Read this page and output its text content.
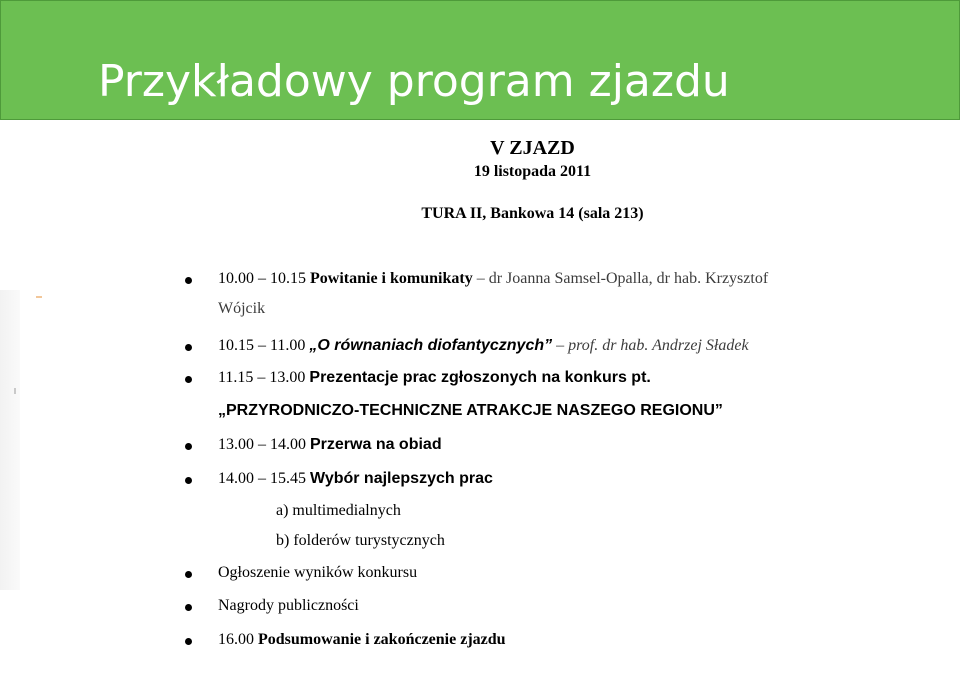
Przykładowy program zjazdu
V ZJAZD
19 listopada 2011
TURA II, Bankowa 14 (sala 213)
10.00 – 10.15 Powitanie i komunikaty – dr Joanna Samsel-Opalla, dr hab. Krzysztof
Wójcik
10.15 – 11.00 „O równaniach diofantycznych” – prof. dr hab. Andrzej Sładek
11.15 – 13.00 Prezentacje prac zgłoszonych na konkurs pt.
„PRZYRODNICZO-TECHNICZNE ATRAKCJE NASZEGO REGIONU”
13.00 – 14.00 Przerwa na obiad
14.00 – 15.45 Wybór najlepszych prac
a) multimedialnych
b) folderów turystycznych
Ogłoszenie wyników konkursu
Nagrody publiczności
16.00 Podsumowanie i zakończenie zjazdu
